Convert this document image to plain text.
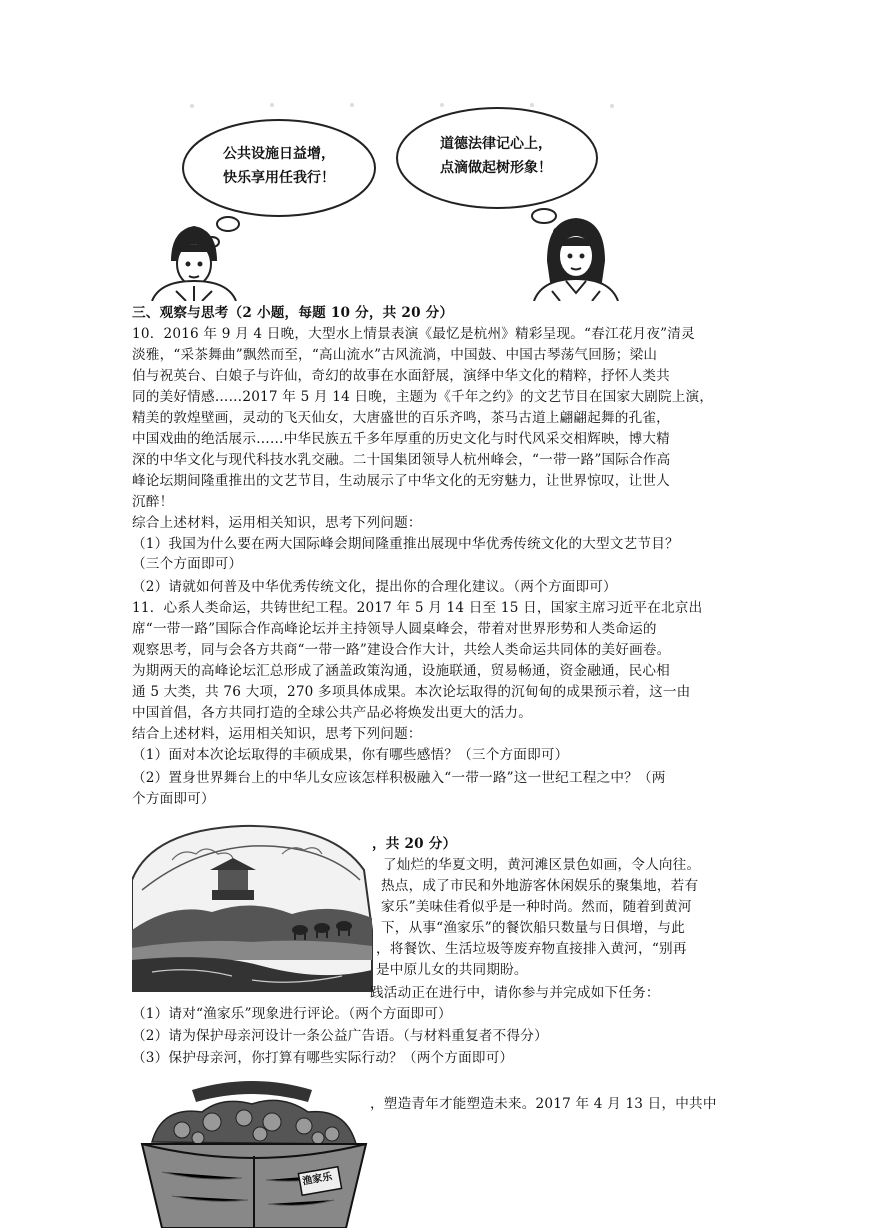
公共设施日益增，
快乐享用任我行！
道德法律记心上，
点滴做起树形象！
三、观察与思考（2 小题，每题 10 分，共 20 分）
10．2016 年 9 月 4 日晚，大型水上情景表演《最忆是杭州》精彩呈现。“春江花月夜”清灵
淡雅，“采茶舞曲”飘然而至，“高山流水”古风流淌，中国鼓、中国古琴荡气回肠；梁山
伯与祝英台、白娘子与许仙，奇幻的故事在水面舒展，演绎中华文化的精粹，抒怀人类共
同的美好情感……2017 年 5 月 14 日晚，主题为《千年之约》的文艺节目在国家大剧院上演，
精美的敦煌壁画，灵动的飞天仙女，大唐盛世的百乐齐鸣，茶马古道上翩翩起舞的孔雀，
中国戏曲的绝活展示……中华民族五千多年厚重的历史文化与时代风采交相辉映，博大精
深的中华文化与现代科技水乳交融。二十国集团领导人杭州峰会，“一带一路”国际合作高
峰论坛期间隆重推出的文艺节目，生动展示了中华文化的无穷魅力，让世界惊叹，让世人
沉醉！
综合上述材料，运用相关知识，思考下列问题：
（1）我国为什么要在两大国际峰会期间隆重推出展现中华优秀传统文化的大型文艺节目？
（三个方面即可）
（2）请就如何普及中华优秀传统文化，提出你的合理化建议。（两个方面即可）
11．心系人类命运，共铸世纪工程。2017 年 5 月 14 日至 15 日，国家主席习近平在北京出
席“一带一路”国际合作高峰论坛并主持领导人圆桌峰会，带着对世界形势和人类命运的
观察思考，同与会各方共商“一带一路”建设合作大计，共绘人类命运共同体的美好画卷。
为期两天的高峰论坛汇总形成了涵盖政策沟通，设施联通，贸易畅通，资金融通，民心相
通 5 大类，共 76 大项，270 多项具体成果。本次论坛取得的沉甸甸的成果预示着，这一由
中国首倡，各方共同打造的全球公共产品必将焕发出更大的活力。
结合上述材料，运用相关知识，思考下列问题：
（1）面对本次论坛取得的丰硕成果，你有哪些感悟？（三个方面即可）
（2）置身世界舞台上的中华儿女应该怎样积极融入“一带一路”这一世纪工程之中？（两
个方面即可）
，共 20 分）
了灿烂的华夏文明，黄河滩区景色如画，令人向往。
热点，成了市民和外地游客休闲娱乐的聚集地，若有
家乐”美味佳肴似乎是一种时尚。然而，随着到黄河
下，从事“渔家乐”的餐饮船只数量与日俱增，与此
，将餐饮、生活垃圾等废弃物直接排入黄河，“别再
是中原儿女的共同期盼。
践活动正在进行中，请你参与并完成如下任务：
（1）请对“渔家乐”现象进行评论。（两个方面即可）
（2）请为保护母亲河设计一条公益广告语。（与材料重复者不得分）
（3）保护母亲河，你打算有哪些实际行动？（两个方面即可）
渔家乐
，塑造青年才能塑造未来。2017 年 4 月 13 日，中共中
